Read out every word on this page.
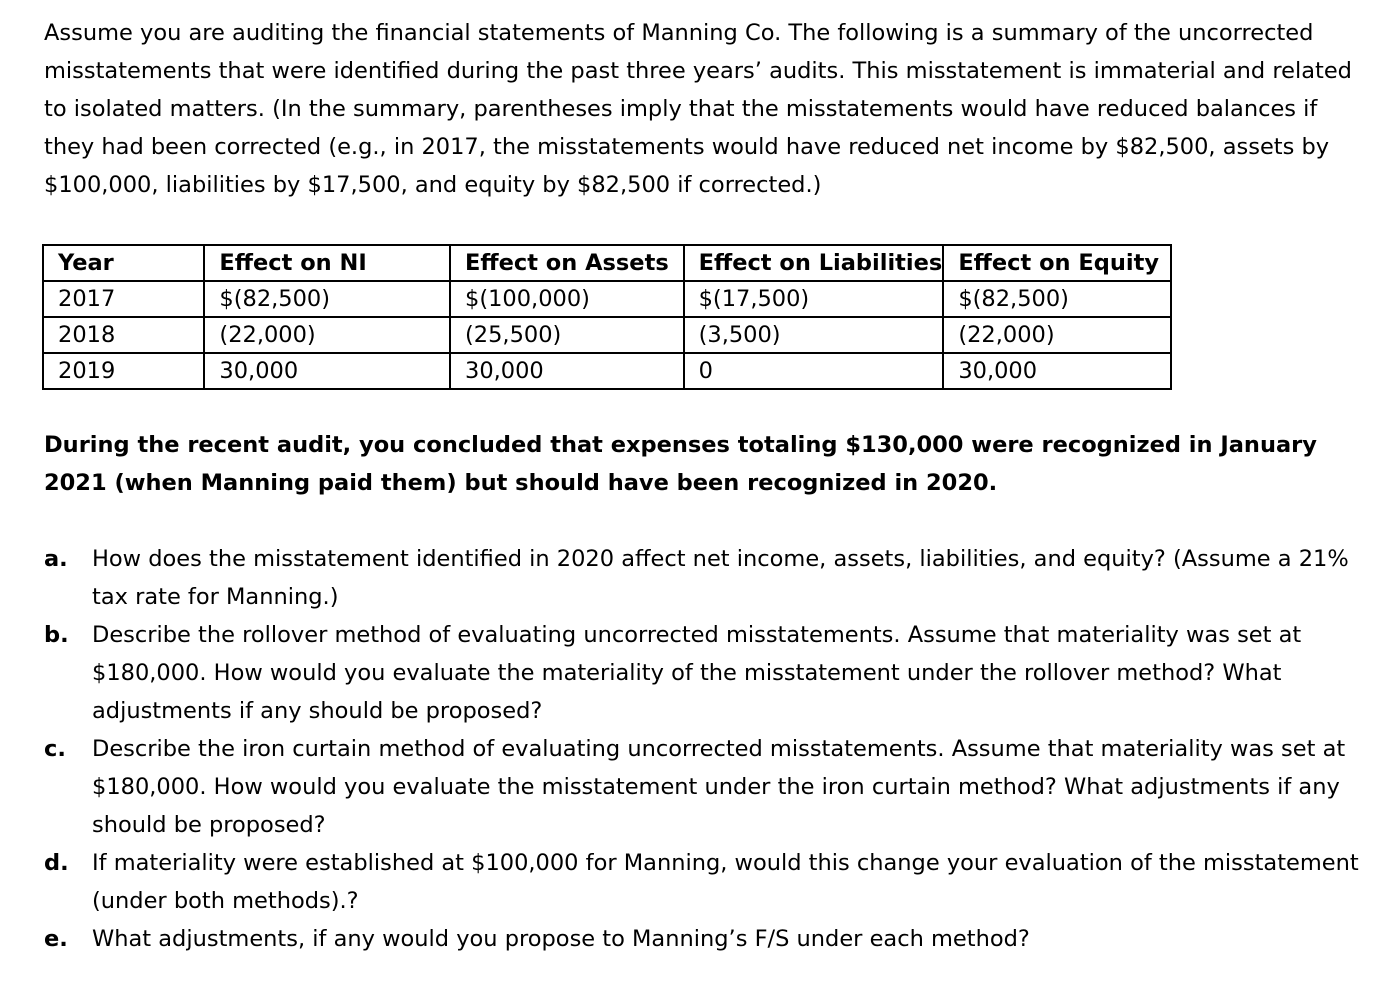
Assume you are auditing the financial statements of Manning Co. The following is a summary of the uncorrected misstatements that were identified during the past three years’ audits. This misstatement is immaterial and related to isolated matters. (In the summary, parentheses imply that the misstatements would have reduced balances if they had been corrected (e.g., in 2017, the misstatements would have reduced net income by $82,500, assets by $100,000, liabilities by $17,500, and equity by $82,500 if corrected.)

Year	Effect on NI	Effect on Assets	Effect on Liabilities	Effect on Equity
2017	$(82,500)	$(100,000)	$(17,500)	$(82,500)
2018	(22,000)	(25,500)	(3,500)	(22,000)
2019	30,000	30,000	0	30,000

During the recent audit, you concluded that expenses totaling $130,000 were recognized in January 2021 (when Manning paid them) but should have been recognized in 2020.

a. How does the misstatement identified in 2020 affect net income, assets, liabilities, and equity? (Assume a 21% tax rate for Manning.)
b. Describe the rollover method of evaluating uncorrected misstatements. Assume that materiality was set at $180,000. How would you evaluate the materiality of the misstatement under the rollover method? What adjustments if any should be proposed?
c. Describe the iron curtain method of evaluating uncorrected misstatements. Assume that materiality was set at $180,000. How would you evaluate the misstatement under the iron curtain method? What adjustments if any should be proposed?
d. If materiality were established at $100,000 for Manning, would this change your evaluation of the misstatement (under both methods).?
e. What adjustments, if any would you propose to Manning’s F/S under each method?
